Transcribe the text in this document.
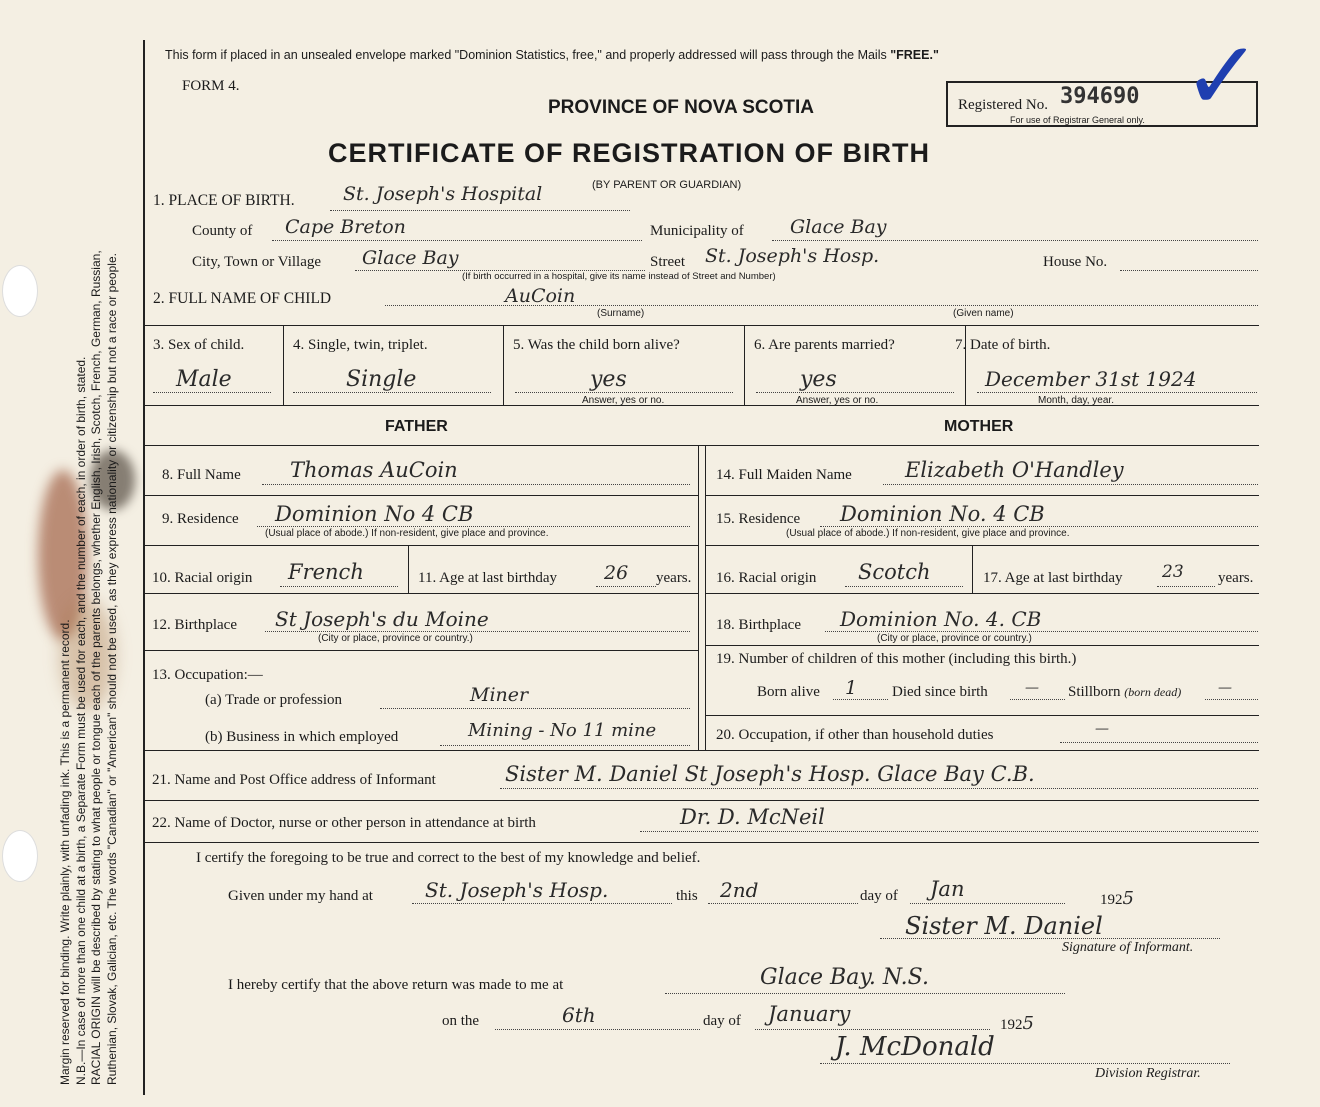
Margin reserved for binding. Write plainly, with unfading ink. This is a permanent record. N.B.—In case of more than one child at a birth, a Separate Form must be used for each, and the number of each, in order of birth, stated. RACIAL ORIGIN will be described by stating to what people or tongue each of the parents belongs, whether English, Irish, Scotch, French, German, Russian, Ruthenian, Slovak, Galician, etc. The words "Canadian" or "American" should not be used, as they express nationality or citizenship but not a race or people.
This form if placed in an unsealed envelope marked "Dominion Statistics, free," and properly addressed will pass through the Mails "FREE."
FORM 4.
PROVINCE OF NOVA SCOTIA	Registered No. 394690
For use of Registrar General only. ✓
CERTIFICATE OF REGISTRATION OF BIRTH
(BY PARENT OR GUARDIAN)
1. PLACE OF BIRTH.	St. Joseph's Hospital
County of Cape Breton	Municipality of Glace Bay
City, Town or Village Glace Bay	Street St. Joseph's Hosp.
(If birth occurred in a hospital, give its name instead of Street and Number)
House No.
2. FULL NAME OF CHILD	AuCoin
(Surname)	(Given name)
3. Sex of child.
Male
4. Single, twin, triplet.
Single
5. Was the child born alive?
yes
Answer, yes or no.
6. Are parents married?
yes
Answer, yes or no.
7. Date of birth.
December 31st 1924
Month, day, year.
FATHER	MOTHER
8. Full Name Thomas AuCoin	14. Full Maiden Name	Elizabeth O'Handley
9. Residence Dominion No 4 CB
(Usual place of abode.) If non-resident, give place and province.
15. Residence Dominion No. 4 CB
(Usual place of abode.) If non-resident, give place and province.
10. Racial origin French	11. Age at last birthday 26 years. 16. Racial origin Scotch	17. Age at last birthday 23 years.
12. Birthplace St Joseph's du Moine
(City or place, province or country.)
18. Birthplace Dominion No. 4. CB
(City or place, province or country.)
13. Occupation:—
(a) Trade or profession	Miner
(b) Business in which employed	Mining - No 11 mine
19. Number of children of this mother (including this birth.)
Born alive 1 Died since birth	— Stillborn (born dead)	—
20. Occupation, if other than household duties	—
21. Name and Post Office address of Informant	Sister M. Daniel St Joseph's Hosp. Glace Bay C.B.
22. Name of Doctor, nurse or other person in attendance at birth	Dr. D. McNeil
I certify the foregoing to be true and correct to the best of my knowledge and belief.
Given under my hand at	St. Joseph's Hosp.	this 2nd	day of Jan	1925
Sister M. Daniel
Signature of Informant.
I hereby certify that the above return was made to me at	Glace Bay. N.S.
on the	6th	day of January	1925
J. McDonald
Division Registrar.
